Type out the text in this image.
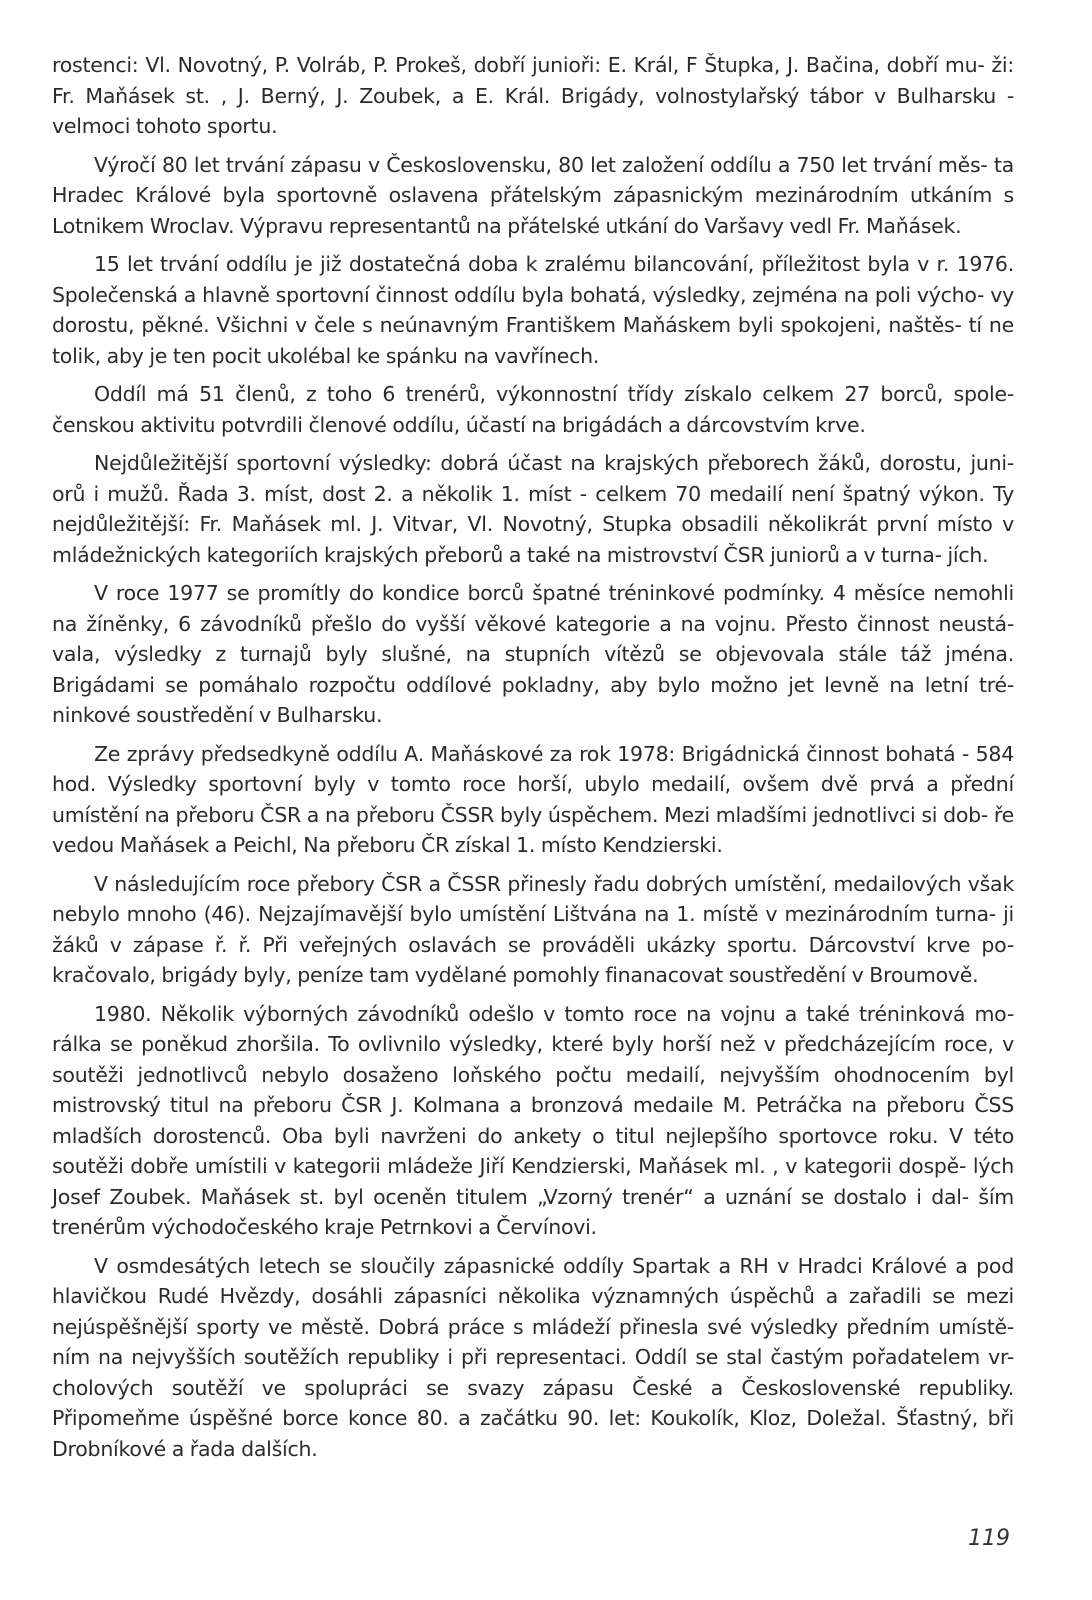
rostenci: Vl. Novotný, P. Volráb, P. Prokeš, dobří junioři: E. Král, F Štupka, J. Bačina, dobří mu- ži: Fr. Maňásek st. , J. Berný, J. Zoubek, a E. Král. Brigády, volnostylařský tábor v Bulharsku - velmoci tohoto sportu.

Výročí 80 let trvání zápasu v Československu, 80 let založení oddílu a 750 let trvání měs- ta Hradec Králové byla sportovně oslavena přátelským zápasnickým mezinárodním utkáním s Lotnikem Wroclav. Výpravu representantů na přátelské utkání do Varšavy vedl Fr. Maňásek.

15 let trvání oddílu je již dostatečná doba k zralému bilancování, příležitost byla v r. 1976. Společenská a hlavně sportovní činnost oddílu byla bohatá, výsledky, zejména na poli výcho- vy dorostu, pěkné. Všichni v čele s neúnavným Františkem Maňáskem byli spokojeni, naštěs- tí ne tolik, aby je ten pocit ukolébal ke spánku na vavřínech.

Oddíl má 51 členů, z toho 6 trenérů, výkonnostní třídy získalo celkem 27 borců, spole- čenskou aktivitu potvrdili členové oddílu, účastí na brigádách a dárcovstvím krve.

Nejdůležitější sportovní výsledky: dobrá účast na krajských přeborech žáků, dorostu, juni- orů i mužů. Řada 3. míst, dost 2. a několik 1. míst - celkem 70 medailí není špatný výkon. Ty nejdůležitější: Fr. Maňásek ml. J. Vitvar, Vl. Novotný, Stupka obsadili několikrát první místo v mládežnických kategoriích krajských přeborů a také na mistrovství ČSR juniorů a v turna- jích.

V roce 1977 se promítly do kondice borců špatné tréninkové podmínky. 4 měsíce nemohli na žíněnky, 6 závodníků přešlo do vyšší věkové kategorie a na vojnu. Přesto činnost neustá- vala, výsledky z turnajů byly slušné, na stupních vítězů se objevovala stále táž jména. Brigádami se pomáhalo rozpočtu oddílové pokladny, aby bylo možno jet levně na letní tré- ninkové soustředění v Bulharsku.

Ze zprávy předsedkyně oddílu A. Maňáskové za rok 1978: Brigádnická činnost bohatá - 584 hod. Výsledky sportovní byly v tomto roce horší, ubylo medailí, ovšem dvě prvá a přední umístění na přeboru ČSR a na přeboru ČSSR byly úspěchem. Mezi mladšími jednotlivci si dob- ře vedou Maňásek a Peichl, Na přeboru ČR získal 1. místo Kendzierski.

V následujícím roce přebory ČSR a ČSSR přinesly řadu dobrých umístění, medailových však nebylo mnoho (46). Nejzajímavější bylo umístění Lištvána na 1. místě v mezinárodním turna- ji žáků v zápase ř. ř. Při veřejných oslavách se prováděli ukázky sportu. Dárcovství krve po- kračovalo, brigády byly, peníze tam vydělané pomohly finanacovat soustředění v Broumově.

1980. Několik výborných závodníků odešlo v tomto roce na vojnu a také tréninková mo- rálka se poněkud zhoršila. To ovlivnilo výsledky, které byly horší než v předcházejícím roce, v soutěži jednotlivců nebylo dosaženo loňského počtu medailí, nejvyšším ohodnocením byl mistrovský titul na přeboru ČSR J. Kolmana a bronzová medaile M. Petráčka na přeboru ČSS mladších dorostenců. Oba byli navrženi do ankety o titul nejlepšího sportovce roku. V této soutěži dobře umístili v kategorii mládeže Jiří Kendzierski, Maňásek ml. , v kategorii dospě- lých Josef Zoubek. Maňásek st. byl oceněn titulem „Vzorný trenér“ a uznání se dostalo i dal- ším trenérům východočeského kraje Petrnkovi a Červínovi.

V osmdesátých letech se sloučily zápasnické oddíly Spartak a RH v Hradci Králové a pod hlavičkou Rudé Hvězdy, dosáhli zápasníci několika významných úspěchů a zařadili se mezi nejúspěšnější sporty ve městě. Dobrá práce s mládeží přinesla své výsledky předním umístě- ním na nejvyšších soutěžích republiky i při representaci. Oddíl se stal častým pořadatelem vr- cholových soutěží ve spolupráci se svazy zápasu České a Československé republiky. Připomeňme úspěšné borce konce 80. a začátku 90. let: Koukolík, Kloz, Doležal. Šťastný, bři Drobníkové a řada dalších.

119
